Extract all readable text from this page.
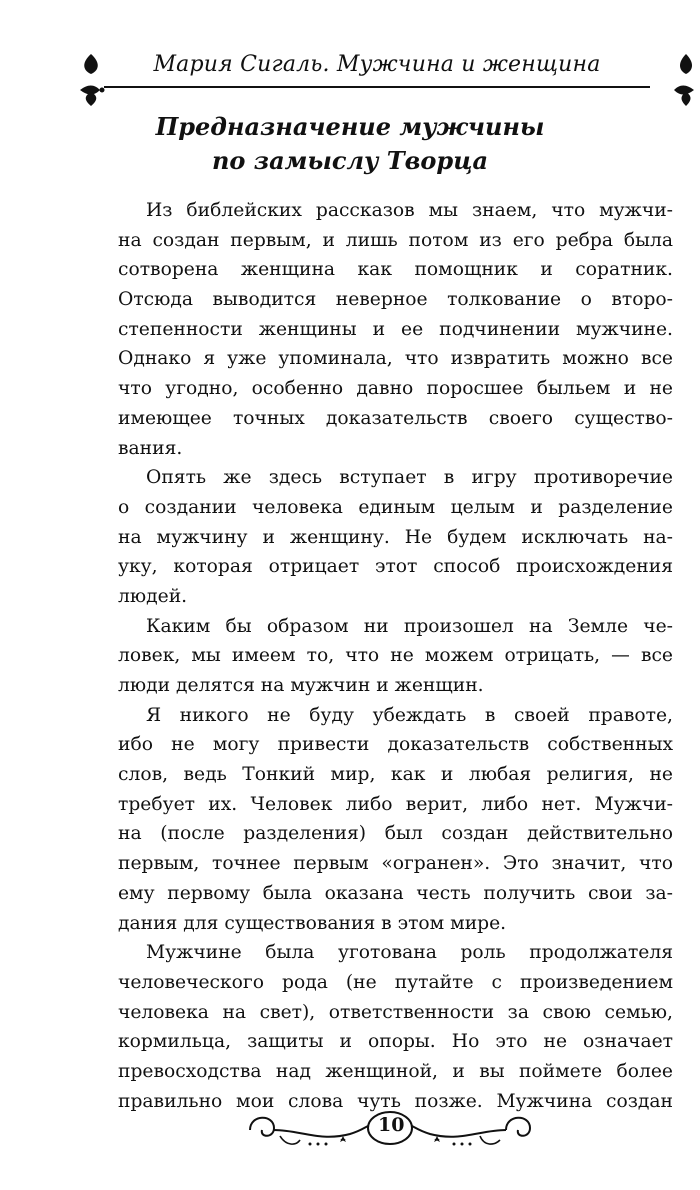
Мария Сигаль. Мужчина и женщина
Предназначение мужчины
по замыслу Творца
Из библейских рассказов мы знаем, что мужчи-
на создан первым, и лишь потом из его ребра была
сотворена женщина как помощник и соратник.
Отсюда выводится неверное толкование о второ-
степенности женщины и ее подчинении мужчине.
Однако я уже упоминала, что извратить можно все
что угодно, особенно давно поросшее быльем и не
имеющее точных доказательств своего существо-
вания.
Опять же здесь вступает в игру противоречие
о создании человека единым целым и разделение
на мужчину и женщину. Не будем исключать на-
уку, которая отрицает этот способ происхождения
людей.
Каким бы образом ни произошел на Земле че-
ловек, мы имеем то, что не можем отрицать, — все
люди делятся на мужчин и женщин.
Я никого не буду убеждать в своей правоте,
ибо не могу привести доказательств собственных
слов, ведь Тонкий мир, как и любая религия, не
требует их. Человек либо верит, либо нет. Мужчи-
на (после разделения) был создан действительно
первым, точнее первым «огранен». Это значит, что
ему первому была оказана честь получить свои за-
дания для существования в этом мире.
Мужчине была уготована роль продолжателя
человеческого рода (не путайте с произведением
человека на свет), ответственности за свою семью,
кормильца, защиты и опоры. Но это не означает
превосходства над женщиной, и вы поймете более
правильно мои слова чуть позже. Мужчина создан
10
